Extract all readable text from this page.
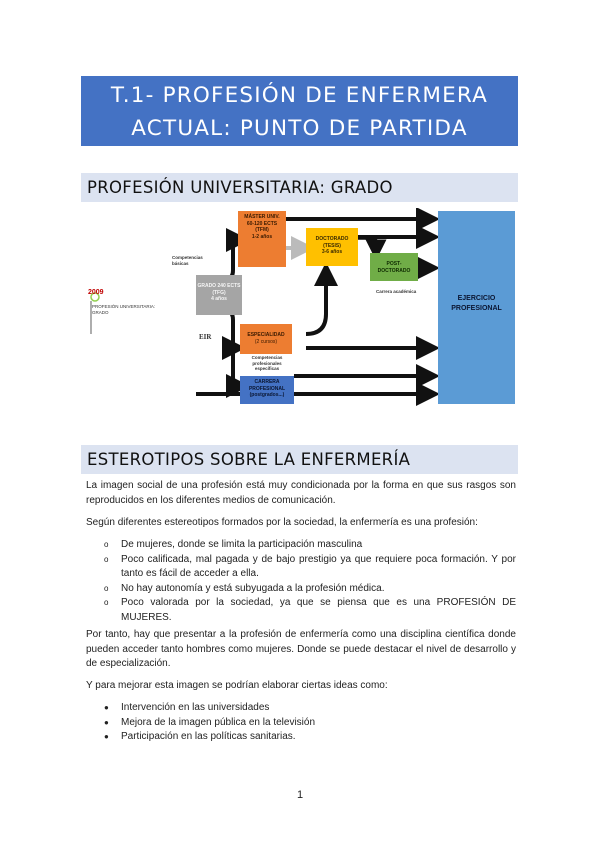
T.1- PROFESIÓN DE ENFERMERA
ACTUAL: PUNTO DE PARTIDA
PROFESIÓN UNIVERSITARIA: GRADO
MÁSTER UNIV.
60-120 ECTS
(TFM)
1-2 años
GRADO 240 ECTS
(TFG)
4 años
DOCTORADO
(TESIS)
3-6 años
POST-
DOCTORADO
ESPECIALIDAD
(2 cursos)
CARRERA
PROFESIONAL
(postgrados...)
EJERCICIO
PROFESIONAL
2009
PROFESIÓN UNIVERSITARIA: GRADO
Competencias básicas
Competencias profesionales específicas
Carrera académica
EIR
ESTEROTIPOS SOBRE LA ENFERMERÍA

La imagen social de una profesión está muy condicionada por la forma en que sus rasgos son reproducidos en los diferentes medios de comunicación.

Según diferentes estereotipos formados por la sociedad, la enfermería es una profesión:

o De mujeres, donde se limita la participación masculina
o Poco calificada, mal pagada y de bajo prestigio ya que requiere poca formación. Y por tanto es fácil de acceder a ella.
o No hay autonomía y está subyugada a la profesión médica.
o Poco valorada por la sociedad, ya que se piensa que es una PROFESIÓN DE MUJERES.

Por tanto, hay que presentar a la profesión de enfermería como una disciplina científica donde pueden acceder tanto hombres como mujeres. Donde se puede destacar el nivel de desarrollo y de especialización.

Y para mejorar esta imagen se podrían elaborar ciertas ideas como:

● Intervención en las universidades
● Mejora de la imagen pública en la televisión
● Participación en las políticas sanitarias.
1
